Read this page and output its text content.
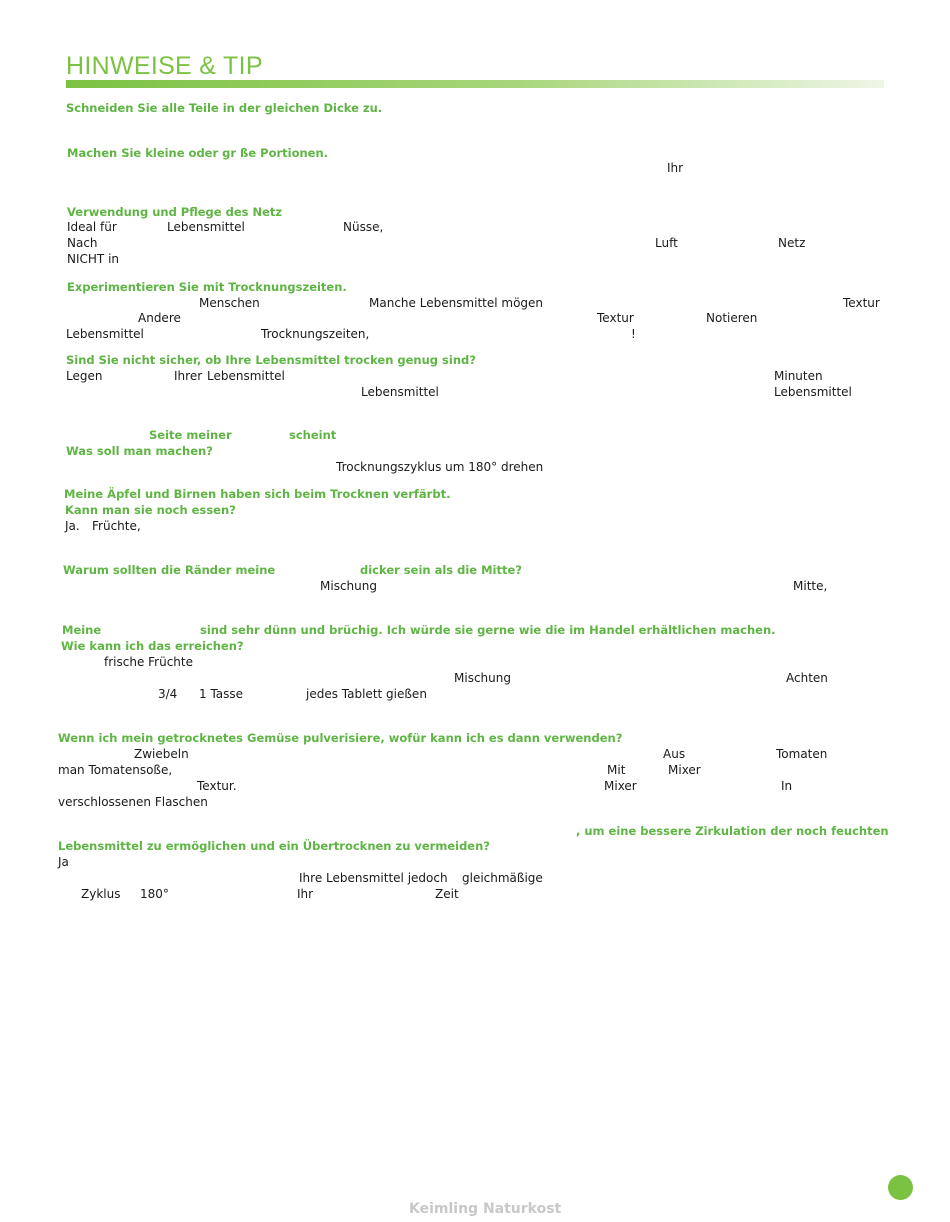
HINWEISE & TIP
Schneiden Sie alle Teile in der gleichen Dicke zu.
Machen Sie kleine oder gr ße Portionen.
Ihr
Verwendung und Pflege des Netz
Ideal für	Lebensmittel	Nüsse,
Nach	Luft	Netz
NICHT in
Experimentieren Sie mit Trocknungszeiten.
Menschen	Manche Lebensmittel mögen	Textur
Andere	Textur	Notieren
Lebensmittel	Trocknungszeiten,	!
Sind Sie nicht sicher, ob Ihre Lebensmittel trocken genug sind?
Legen	Ihrer Lebensmittel	Minuten
Lebensmittel	Lebensmittel
Seite meiner	scheint
Was soll man machen?
Trocknungszyklus um 180° drehen
Meine Äpfel und Birnen haben sich beim Trocknen verfärbt.
Kann man sie noch essen?
Ja. Früchte,
Warum sollten die Ränder meine	dicker sein als die Mitte?
Mischung	Mitte,
Meine	sind sehr dünn und brüchig. Ich würde sie gerne wie die im Handel erhältlichen machen.
Wie kann ich das erreichen?
frische Früchte
Mischung	Achten
3/4 1 Tasse	jedes Tablett gießen
Wenn ich mein getrocknetes Gemüse pulverisiere, wofür kann ich es dann verwenden?
Zwiebeln	Aus	Tomaten
man Tomatensoße,	Mit	Mixer
Textur.	Mixer	In
verschlossenen Flaschen
, um eine bessere Zirkulation der noch feuchten
Lebensmittel zu ermöglichen und ein Übertrocknen zu vermeiden?
Ja
Ihre Lebensmittel jedoch gleichmäßige
Zyklus 180°	Ihr	Zeit
Keimling Naturkost
